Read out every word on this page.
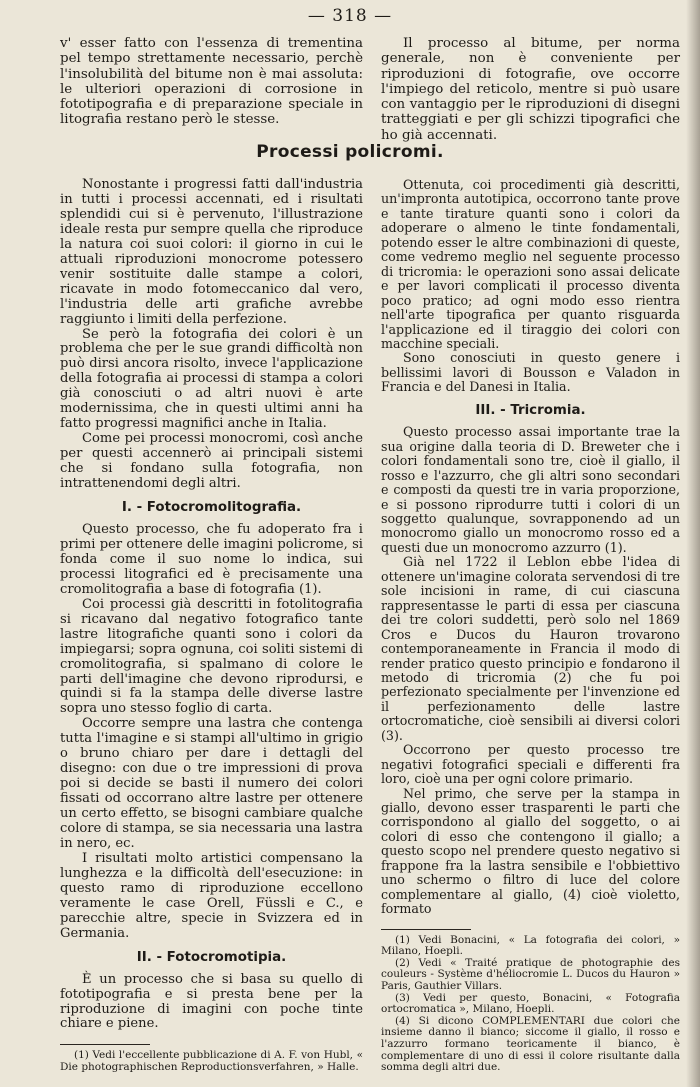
— 318 —

v' esser fatto con l'essenza di trementina pel tempo strettamente necessario, perchè l'insolubilità del bitume non è mai assoluta: le ulteriori operazioni di corrosione in fototipografia e di preparazione speciale in litografia restano però le stesse.

Il processo al bitume, per norma generale, non è conveniente per riproduzioni di fotografie, ove occorre l'impiego del reticolo, mentre si può usare con vantaggio per le riproduzioni di disegni tratteggiati e per gli schizzi tipografici che ho già accennati.

Processi policromi.

Nonostante i progressi fatti dall'industria in tutti i processi accennati, ed i risultati splendidi cui si è pervenuto, l'illustrazione ideale resta pur sempre quella che riproduce la natura coi suoi colori: il giorno in cui le attuali riproduzioni monocrome potessero venir sostituite dalle stampe a colori, ricavate in modo fotomeccanico dal vero, l'industria delle arti grafiche avrebbe raggiunto i limiti della perfezione.

Se però la fotografia dei colori è un problema che per le sue grandi difficoltà non può dirsi ancora risolto, invece l'applicazione della fotografia ai processi di stampa a colori già conosciuti o ad altri nuovi è arte modernissima, che in questi ultimi anni ha fatto progressi magnifici anche in Italia.

Come pei processi monocromi, così anche per questi accennerò ai principali sistemi che si fondano sulla fotografia, non intrattenendomi degli altri.

I. - Fotocromolitografia.

Questo processo, che fu adoperato fra i primi per ottenere delle imagini policrome, si fonda come il suo nome lo indica, sui processi litografici ed è precisamente una cromolitografia a base di fotografia (1).

Coi processi già descritti in fotolitografia si ricavano dal negativo fotografico tante lastre litografiche quanti sono i colori da impiegarsi; sopra ognuna, coi soliti sistemi di cromolitografia, si spalmano di colore le parti dell'imagine che devono riprodursi, e quindi si fa la stampa delle diverse lastre sopra uno stesso foglio di carta.

Occorre sempre una lastra che contenga tutta l'imagine e si stampi all'ultimo in grigio o bruno chiaro per dare i dettagli del disegno: con due o tre impressioni di prova poi si decide se basti il numero dei colori fissati od occorrano altre lastre per ottenere un certo effetto, se bisogni cambiare qualche colore di stampa, se sia necessaria una lastra in nero, ec.

I risultati molto artistici compensano la lunghezza e la difficoltà dell'esecuzione: in questo ramo di riproduzione eccellono veramente le case Orell, Füssli e C., e parecchie altre, specie in Svizzera ed in Germania.

II. - Fotocromotipia.

È un processo che si basa su quello di fototipografia e si presta bene per la riproduzione di imagini con poche tinte chiare e piene.

(1) Vedi l'eccellente pubblicazione di A. F. von Hubl, « Die photographischen Reproductionsverfahren, » Halle.

Ottenuta, coi procedimenti già descritti, un'impronta autotipica, occorrono tante prove e tante tirature quanti sono i colori da adoperare o almeno le tinte fondamentali, potendo esser le altre combinazioni di queste, come vedremo meglio nel seguente processo di tricromia: le operazioni sono assai delicate e per lavori complicati il processo diventa poco pratico; ad ogni modo esso rientra nell'arte tipografica per quanto risguarda l'applicazione ed il tiraggio dei colori con macchine speciali.

Sono conosciuti in questo genere i bellissimi lavori di Bousson e Valadon in Francia e del Danesi in Italia.

III. - Tricromia.

Questo processo assai importante trae la sua origine dalla teoria di D. Breweter che i colori fondamentali sono tre, cioè il giallo, il rosso e l'azzurro, che gli altri sono secondari e composti da questi tre in varia proporzione, e si possono riprodurre tutti i colori di un soggetto qualunque, sovrapponendo ad un monocromo giallo un monocromo rosso ed a questi due un monocromo azzurro (1).

Già nel 1722 il Leblon ebbe l'idea di ottenere un'imagine colorata servendosi di tre sole incisioni in rame, di cui ciascuna rappresentasse le parti di essa per ciascuna dei tre colori suddetti, però solo nel 1869 Cros e Ducos du Hauron trovarono contemporaneamente in Francia il modo di render pratico questo principio e fondarono il metodo di tricromia (2) che fu poi perfezionato specialmente per l'invenzione ed il perfezionamento delle lastre ortocromatiche, cioè sensibili ai diversi colori (3).

Occorrono per questo processo tre negativi fotografici speciali e differenti fra loro, cioè una per ogni colore primario.

Nel primo, che serve per la stampa in giallo, devono esser trasparenti le parti che corrispondono al giallo del soggetto, o ai colori di esso che contengono il giallo; a questo scopo nel prendere questo negativo si frappone fra la lastra sensibile e l'obbiettivo uno schermo o filtro di luce del colore complementare al giallo, (4) cioè violetto, formato

(1) Vedi Bonacini, « La fotografia dei colori, » Milano, Hoepli.

(2) Vedi « Traité pratique de photographie des couleurs - Système d'héliocromie L. Ducos du Hauron » Paris, Gauthier Villars.

(3) Vedi per questo, Bonacini, « Fotografia ortocromatica », Milano, Hoepli.

(4) Si dicono COMPLEMENTARI due colori che insieme danno il bianco; siccome il giallo, il rosso e l'azzurro formano teoricamente il bianco, è complementare di uno di essi il colore risultante dalla somma degli altri due.
